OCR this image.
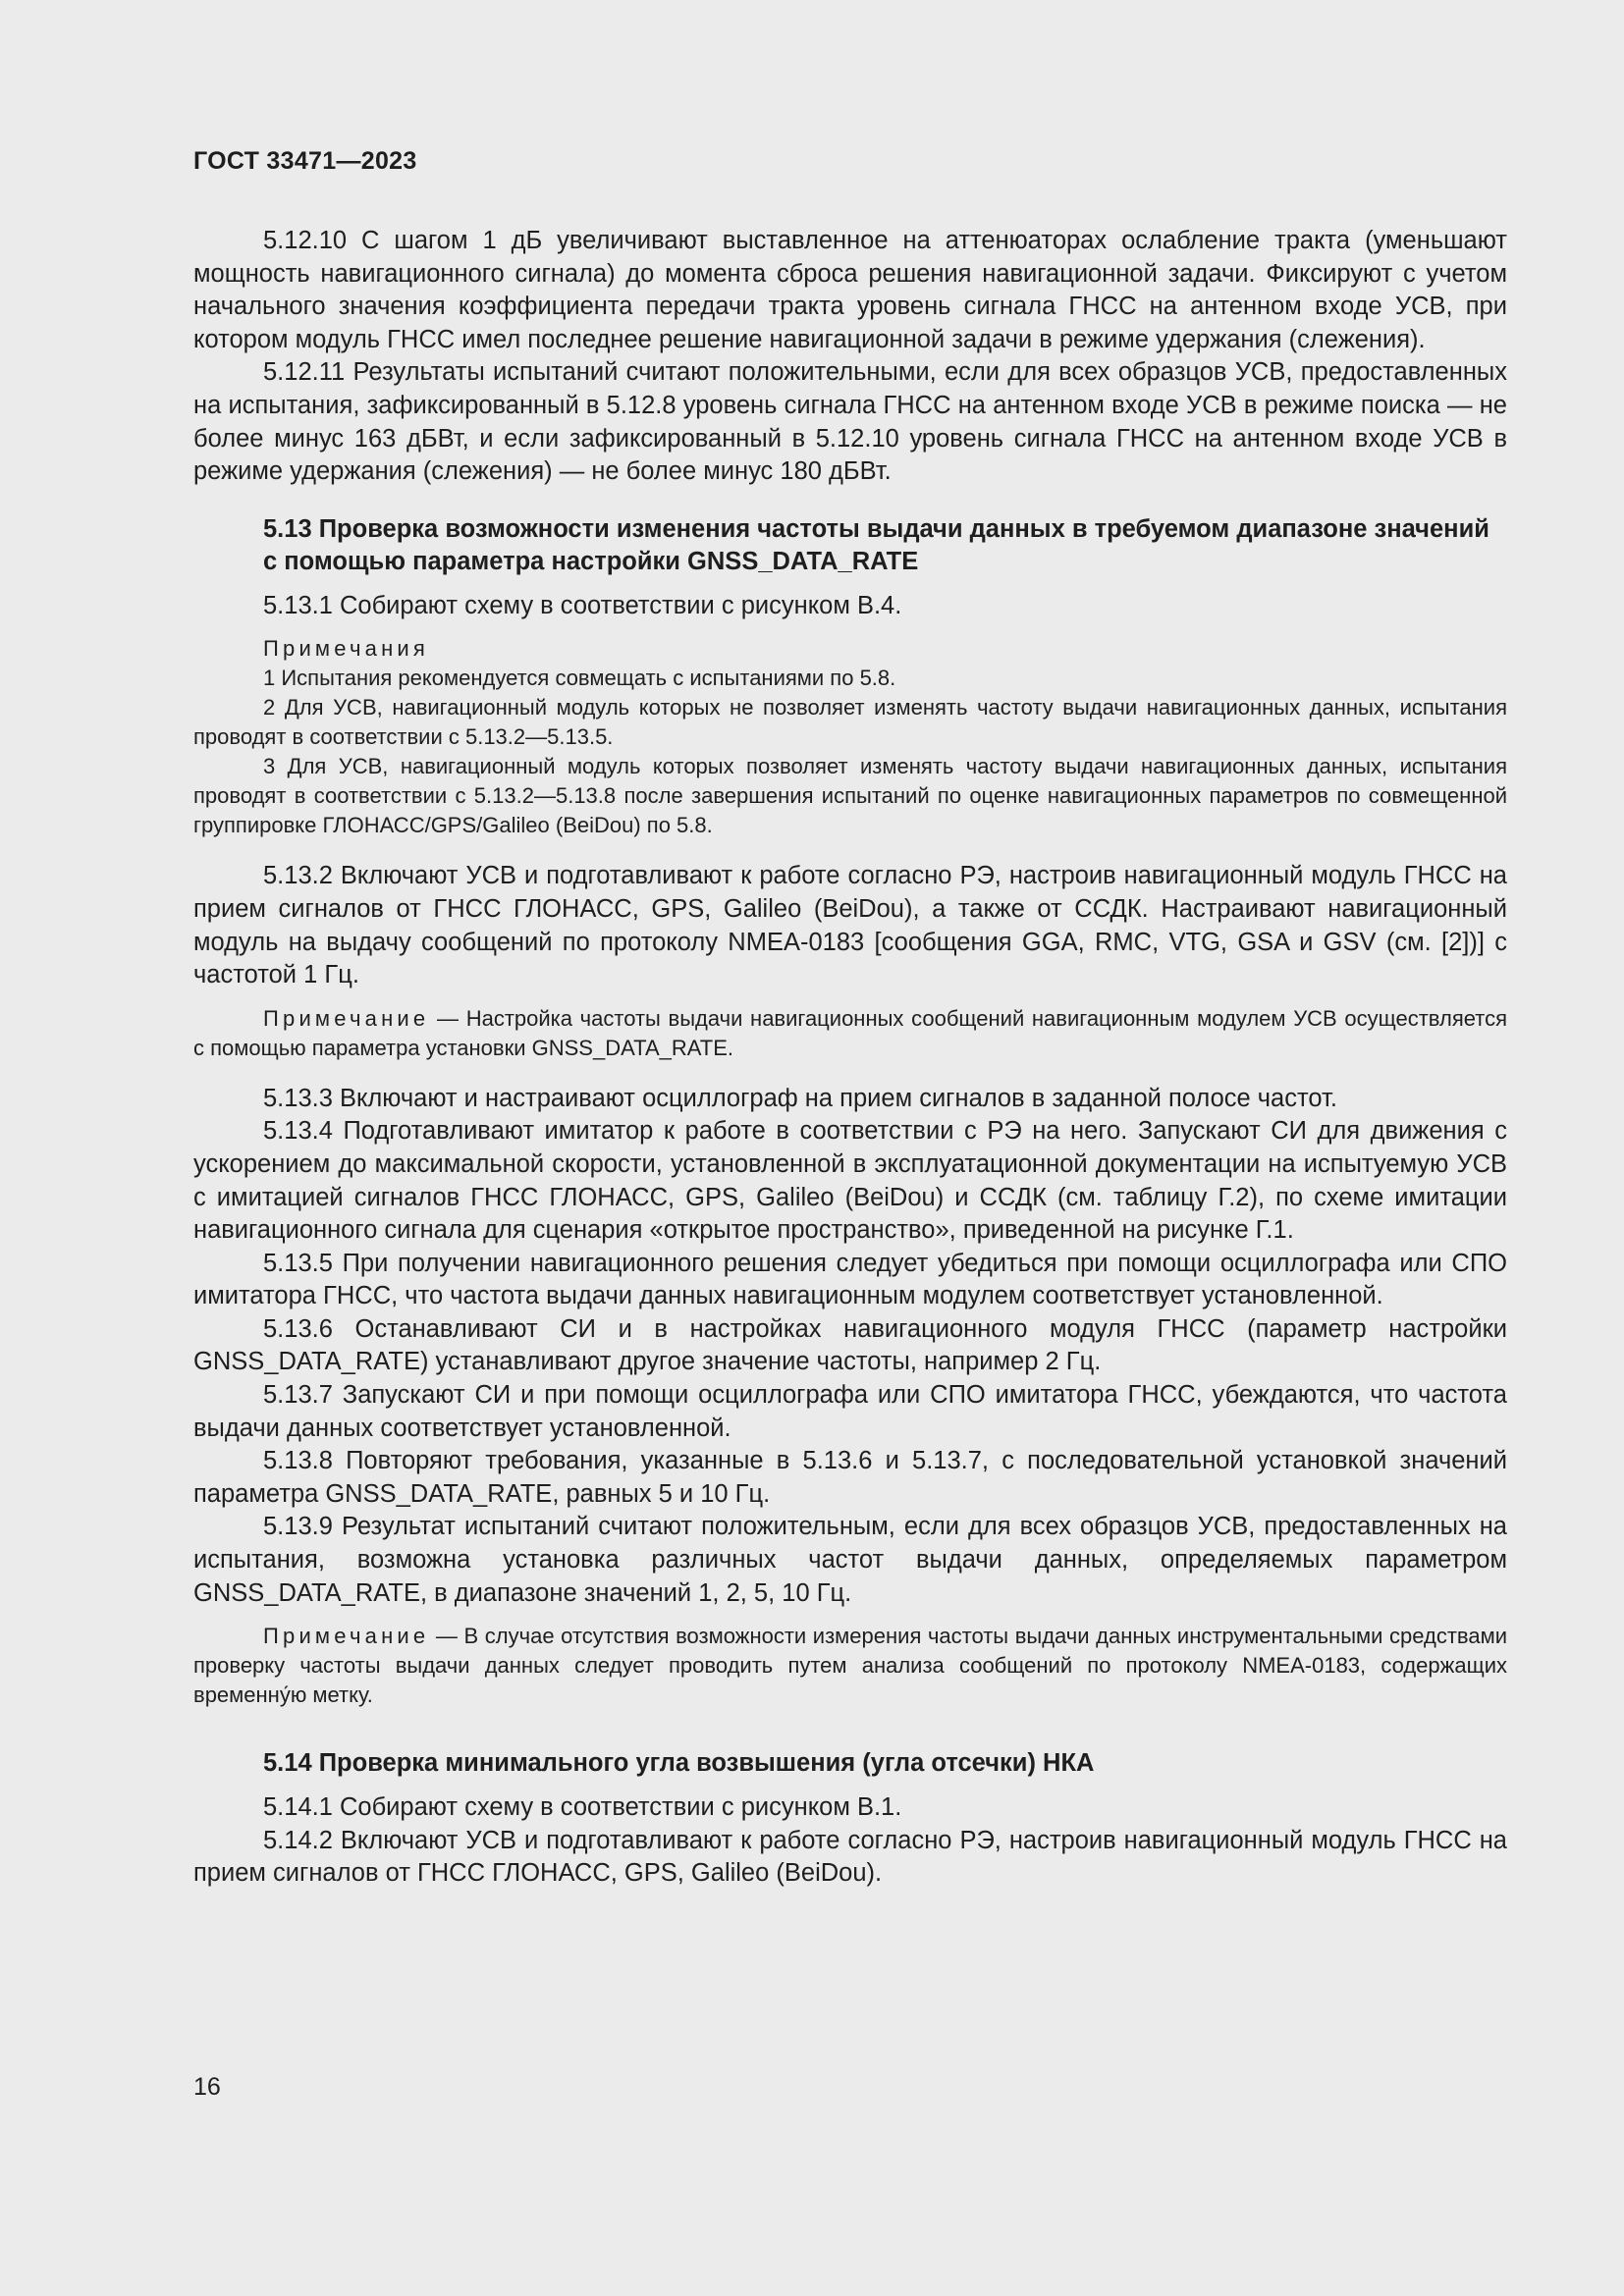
ГОСТ 33471—2023

5.12.10 С шагом 1 дБ увеличивают выставленное на аттенюаторах ослабление тракта (уменьшают мощность навигационного сигнала) до момента сброса решения навигационной задачи. Фиксируют с учетом начального значения коэффициента передачи тракта уровень сигнала ГНСС на антенном входе УСВ, при котором модуль ГНСС имел последнее решение навигационной задачи в режиме удержания (слежения).

5.12.11 Результаты испытаний считают положительными, если для всех образцов УСВ, предоставленных на испытания, зафиксированный в 5.12.8 уровень сигнала ГНСС на антенном входе УСВ в режиме поиска — не более минус 163 дБВт, и если зафиксированный в 5.12.10 уровень сигнала ГНСС на антенном входе УСВ в режиме удержания (слежения) — не более минус 180 дБВт.

5.13 Проверка возможности изменения частоты выдачи данных в требуемом диапазоне значений с помощью параметра настройки GNSS_DATA_RATE

5.13.1 Собирают схему в соответствии с рисунком В.4.

Примечания

1 Испытания рекомендуется совмещать с испытаниями по 5.8.

2 Для УСВ, навигационный модуль которых не позволяет изменять частоту выдачи навигационных данных, испытания проводят в соответствии с 5.13.2—5.13.5.

3 Для УСВ, навигационный модуль которых позволяет изменять частоту выдачи навигационных данных, испытания проводят в соответствии с 5.13.2—5.13.8 после завершения испытаний по оценке навигационных параметров по совмещенной группировке ГЛОНАСС/GPS/Galileo (BeiDou) по 5.8.

5.13.2 Включают УСВ и подготавливают к работе согласно РЭ, настроив навигационный модуль ГНСС на прием сигналов от ГНСС ГЛОНАСС, GPS, Galileo (BeiDou), а также от ССДК. Настраивают навигационный модуль на выдачу сообщений по протоколу NMEA-0183 [сообщения GGA, RMC, VTG, GSA и GSV (см. [2])] с частотой 1 Гц.

Примечание — Настройка частоты выдачи навигационных сообщений навигационным модулем УСВ осуществляется с помощью параметра установки GNSS_DATA_RATE.

5.13.3 Включают и настраивают осциллограф на прием сигналов в заданной полосе частот.

5.13.4 Подготавливают имитатор к работе в соответствии с РЭ на него. Запускают СИ для движения с ускорением до максимальной скорости, установленной в эксплуатационной документации на испытуемую УСВ с имитацией сигналов ГНСС ГЛОНАСС, GPS, Galileo (BeiDou) и ССДК (см. таблицу Г.2), по схеме имитации навигационного сигнала для сценария «открытое пространство», приведенной на рисунке Г.1.

5.13.5 При получении навигационного решения следует убедиться при помощи осциллографа или СПО имитатора ГНСС, что частота выдачи данных навигационным модулем соответствует установленной.

5.13.6 Останавливают СИ и в настройках навигационного модуля ГНСС (параметр настройки GNSS_DATA_RATE) устанавливают другое значение частоты, например 2 Гц.

5.13.7 Запускают СИ и при помощи осциллографа или СПО имитатора ГНСС, убеждаются, что частота выдачи данных соответствует установленной.

5.13.8 Повторяют требования, указанные в 5.13.6 и 5.13.7, с последовательной установкой значений параметра GNSS_DATA_RATE, равных 5 и 10 Гц.

5.13.9 Результат испытаний считают положительным, если для всех образцов УСВ, предоставленных на испытания, возможна установка различных частот выдачи данных, определяемых параметром GNSS_DATA_RATE, в диапазоне значений 1, 2, 5, 10 Гц.

Примечание — В случае отсутствия возможности измерения частоты выдачи данных инструментальными средствами проверку частоты выдачи данных следует проводить путем анализа сообщений по протоколу NMEA-0183, содержащих временну́ю метку.

5.14 Проверка минимального угла возвышения (угла отсечки) НКА

5.14.1 Собирают схему в соответствии с рисунком В.1.

5.14.2 Включают УСВ и подготавливают к работе согласно РЭ, настроив навигационный модуль ГНСС на прием сигналов от ГНСС ГЛОНАСС, GPS, Galileo (BeiDou).

16
